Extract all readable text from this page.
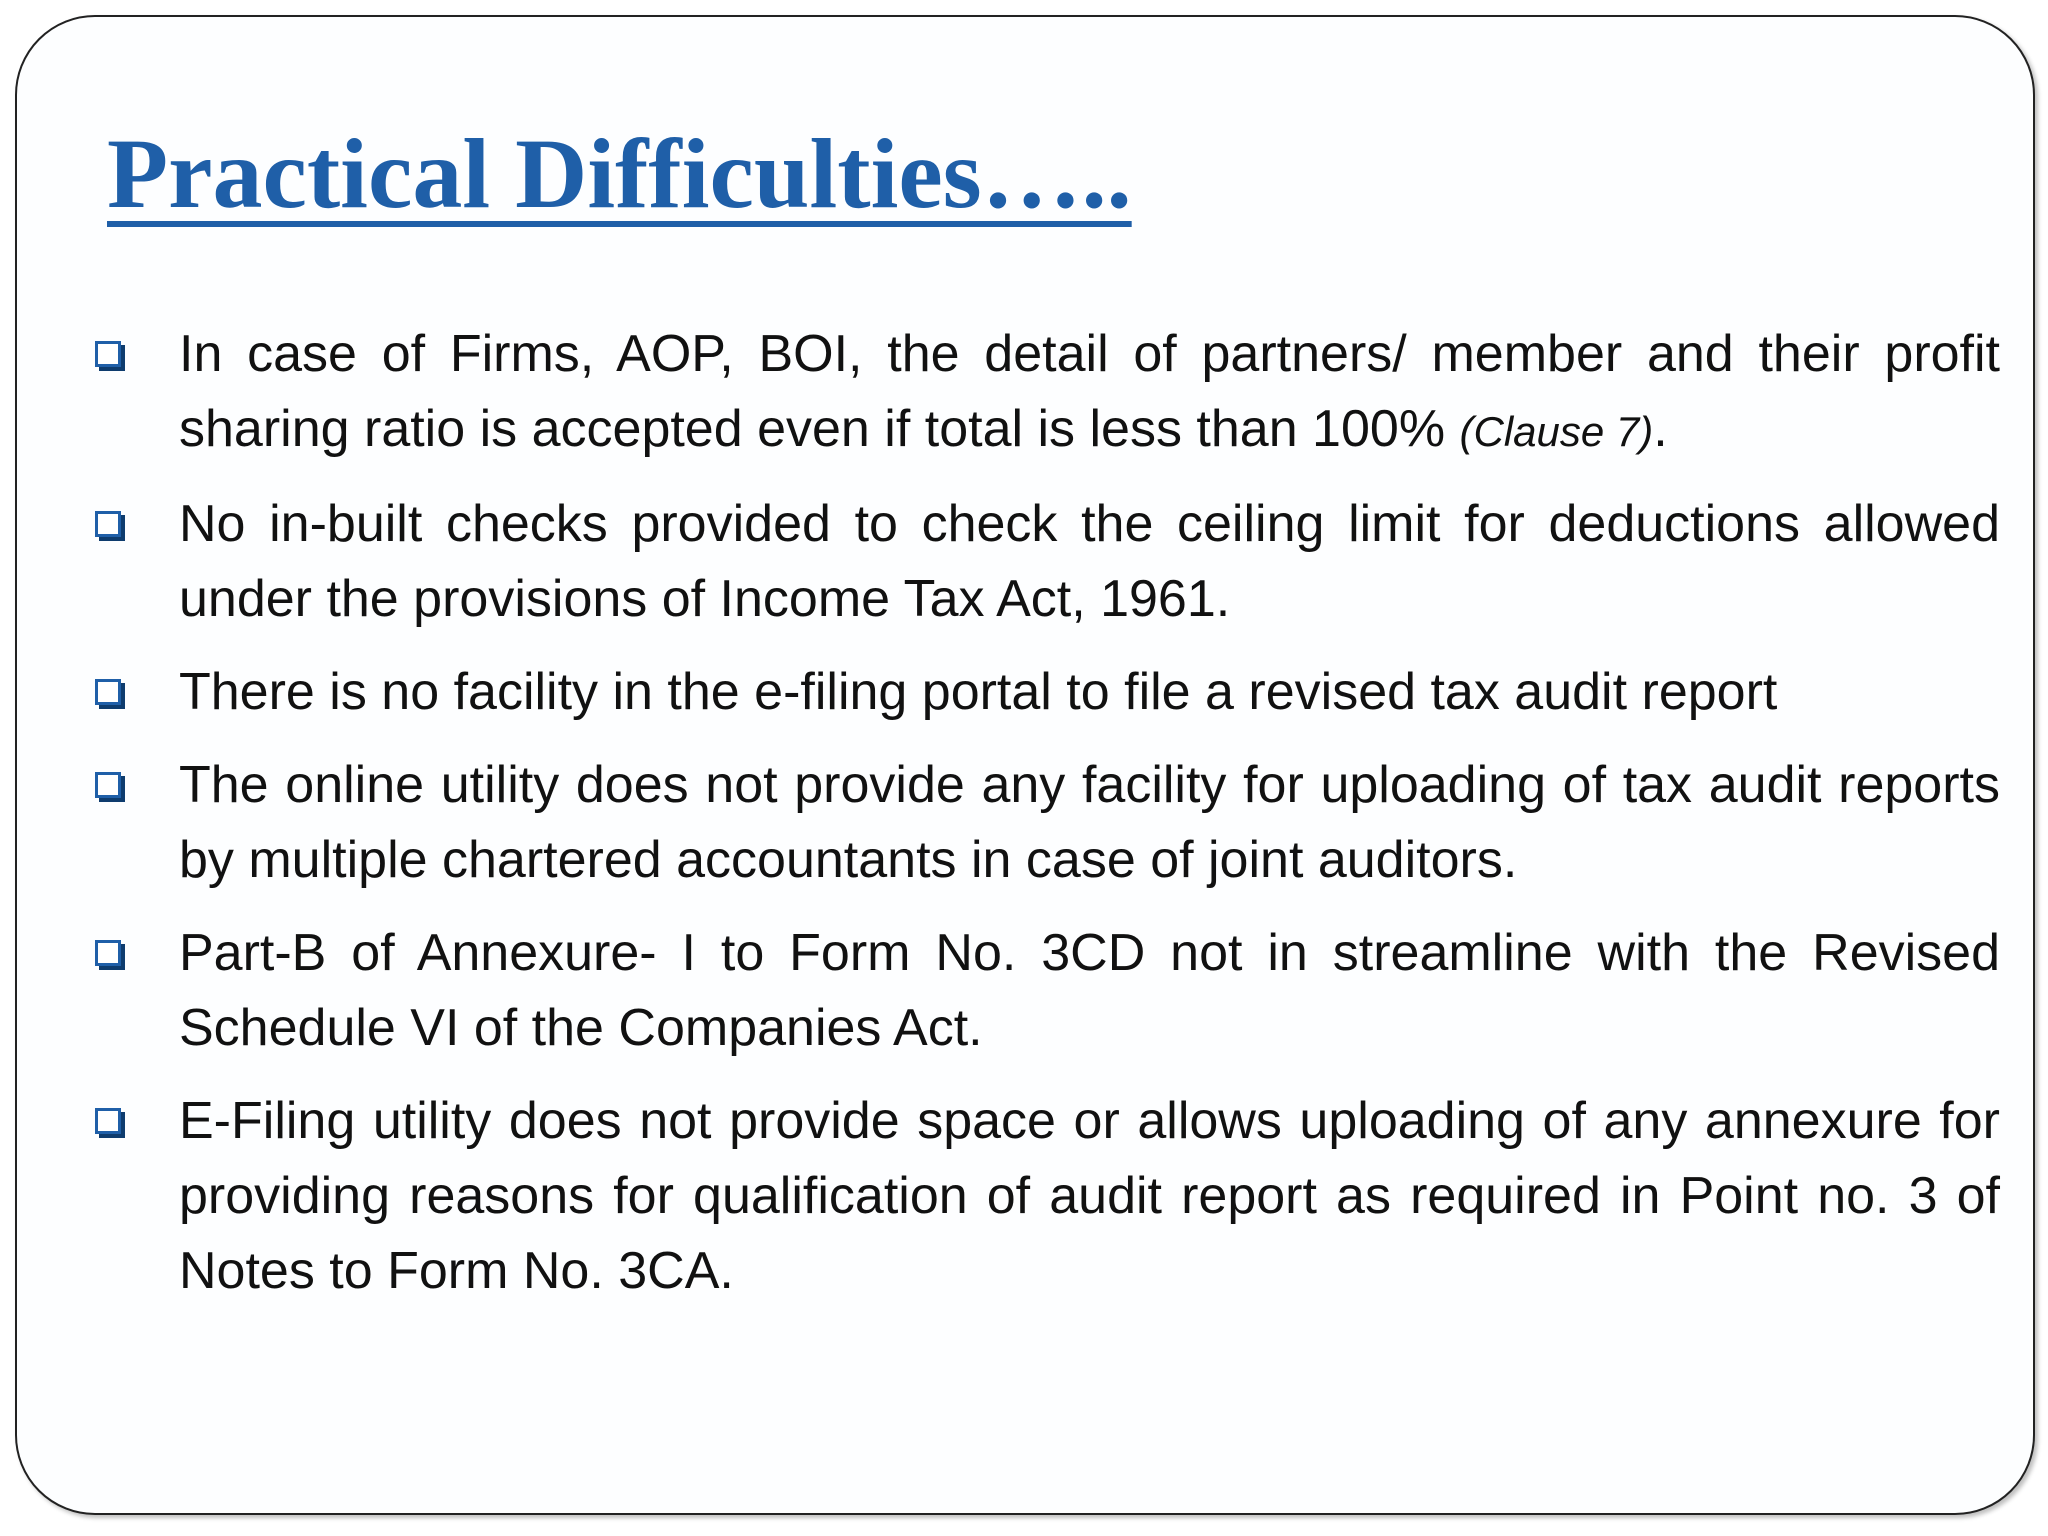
Practical Difficulties…..
In case of Firms, AOP, BOI, the detail of partners/ member and their profit sharing ratio is accepted even if total is less than 100% (Clause 7).
No in-built checks provided to check the ceiling limit for deductions allowed under the provisions of Income Tax Act, 1961.
There is no facility in the e-filing portal to file a revised tax audit report
The online utility does not provide any facility for uploading of tax audit reports by multiple chartered accountants in case of joint auditors.
Part-B of Annexure- I to Form No. 3CD not in streamline with the Revised Schedule VI of the Companies Act.
E-Filing utility does not provide space or allows uploading of any annexure for providing reasons for qualification of audit report as required in Point no. 3 of Notes to Form No. 3CA.
